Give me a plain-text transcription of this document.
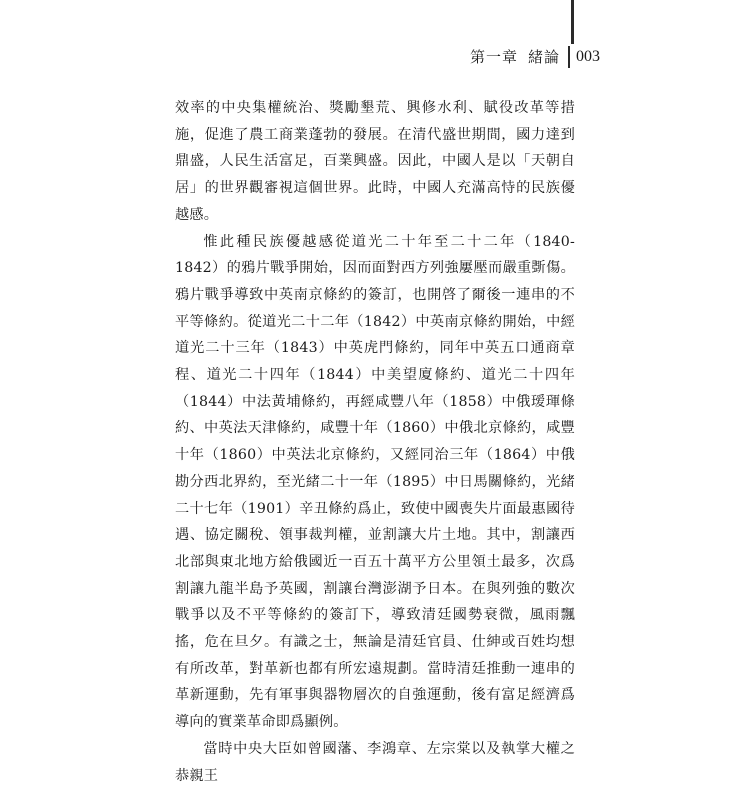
第一章 緒論 003

效率的中央集權統治、獎勵墾荒、興修水利、賦役改革等措施，促進了農工商業蓬勃的發展。在清代盛世期間，國力達到鼎盛，人民生活富足，百業興盛。因此，中國人是以「天朝自居」的世界觀審視這個世界。此時，中國人充滿高恃的民族優越感。

惟此種民族優越感從道光二十年至二十二年（1840-1842）的鴉片戰爭開始，因而面對西方列強屢壓而嚴重斲傷。鴉片戰爭導致中英南京條約的簽訂，也開啓了爾後一連串的不平等條約。從道光二十二年（1842）中英南京條約開始，中經道光二十三年（1843）中英虎門條約，同年中英五口通商章程、道光二十四年（1844）中美望廈條約、道光二十四年（1844）中法黃埔條約，再經咸豐八年（1858）中俄瑷琿條約、中英法天津條約，咸豐十年（1860）中俄北京條約，咸豐十年（1860）中英法北京條約，又經同治三年（1864）中俄勘分西北界約，至光緒二十一年（1895）中日馬關條約，光緒二十七年（1901）辛丑條約爲止，致使中國喪失片面最惠國待遇、協定關稅、領事裁判權，並割讓大片土地。其中，割讓西北部與東北地方給俄國近一百五十萬平方公里領土最多，次爲割讓九龍半島予英國，割讓台灣澎湖予日本。在與列強的數次戰爭以及不平等條約的簽訂下，導致清廷國勢衰微，風雨飄搖，危在旦夕。有識之士，無論是清廷官員、仕紳或百姓均想有所改革，對革新也都有所宏遠規劃。當時清廷推動一連串的革新運動，先有軍事與器物層次的自強運動，後有富足經濟爲導向的實業革命即爲顯例。

當時中央大臣如曾國藩、李鴻章、左宗棠以及執掌大權之恭親王
